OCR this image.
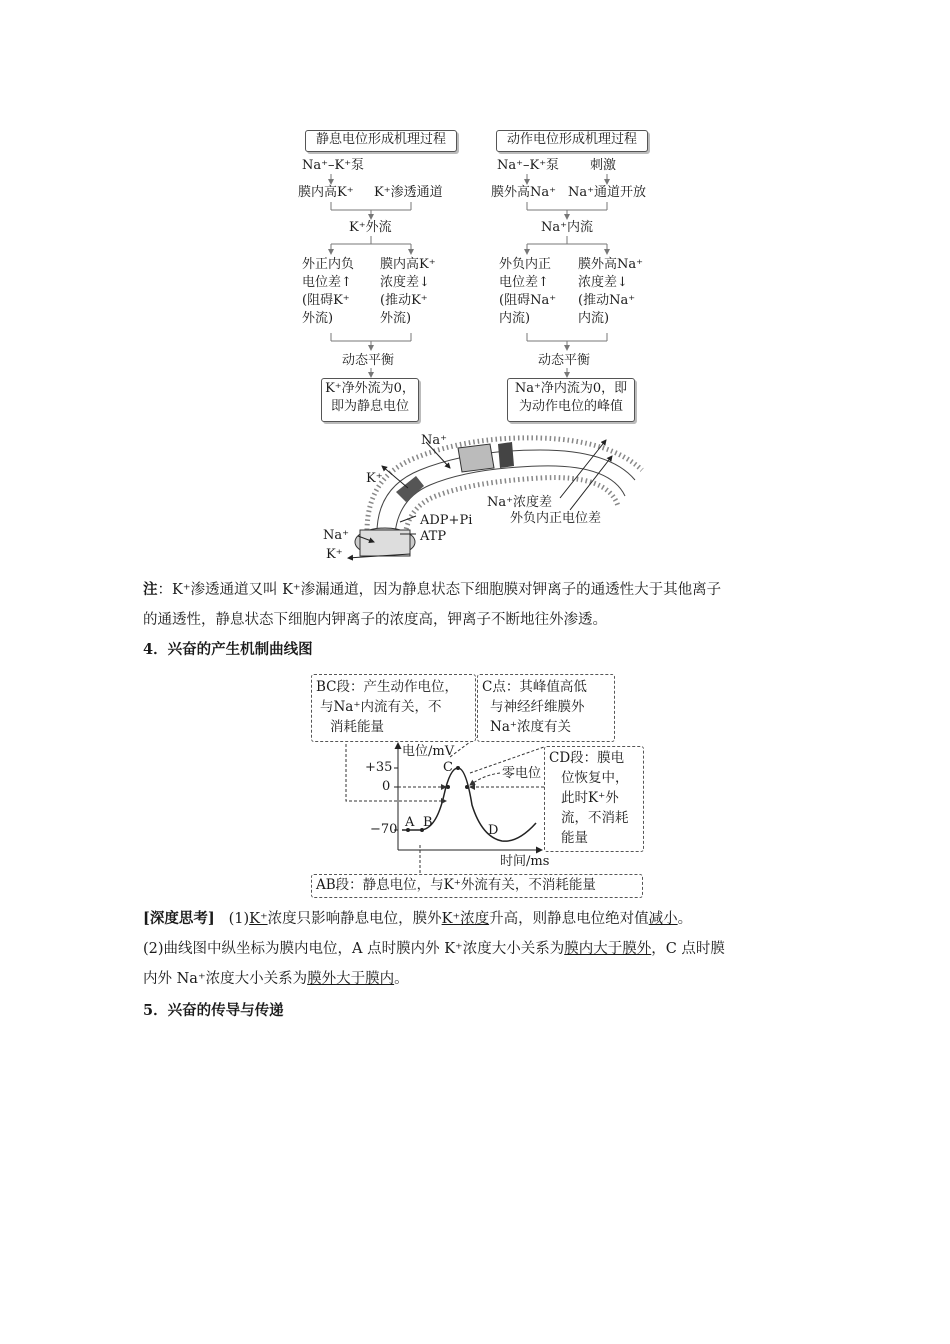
静息电位形成机理过程
Na⁺–K⁺泵
膜内高K⁺ K⁺渗透通道
K⁺外流
外正内负
电位差↑
(阻碍K⁺
外流)
膜内高K⁺
浓度差↓
(推动K⁺
外流)
动态平衡
K⁺净外流为0，
即为静息电位
动作电位形成机理过程
Na⁺–K⁺泵 刺激
膜外高Na⁺ Na⁺通道开放
Na⁺内流
外负内正
电位差↑
(阻碍Na⁺
内流)
膜外高Na⁺
浓度差↓
(推动Na⁺
内流)
动态平衡
Na⁺净内流为0，即
为动作电位的峰值
Na⁺
K⁺
ADP+Pi
ATP
Na⁺
K⁺
Na⁺浓度差
外负内正电位差
注：K⁺渗透通道又叫 K⁺渗漏通道，因为静息状态下细胞膜对钾离子的通透性大于其他离子
的通透性，静息状态下细胞内钾离子的浓度高，钾离子不断地往外渗透。
4．兴奋的产生机制曲线图
BC段：产生动作电位，
与Na⁺内流有关，不
消耗能量
C点：其峰值高低
与神经纤维膜外
Na⁺浓度有关
CD段：膜电
位恢复中，
此时K⁺外
流，不消耗
能量
AB段：静息电位，与K⁺外流有关，不消耗能量
电位/mV
时间/ms
+35
0
−70 A B
C
D
零电位
[深度思考] (1)K⁺浓度只影响静息电位，膜外K⁺浓度升高，则静息电位绝对值减小。
(2)曲线图中纵坐标为膜内电位，A 点时膜内外 K⁺浓度大小关系为膜内大于膜外，C 点时膜
内外 Na⁺浓度大小关系为膜外大于膜内。
5．兴奋的传导与传递
